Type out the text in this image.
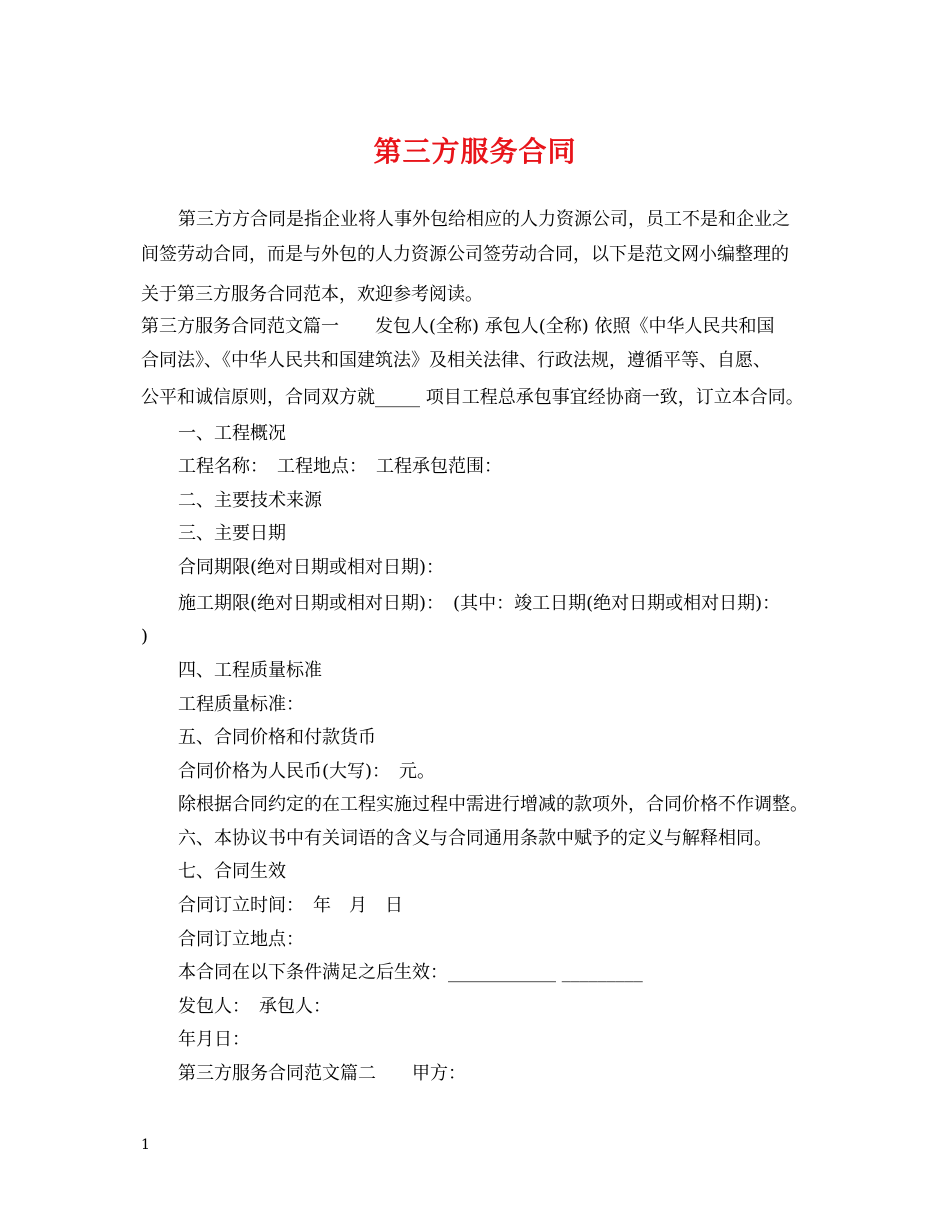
第三方服务合同
第三方方合同是指企业将人事外包给相应的人力资源公司，员工不是和企业之
间签劳动合同，而是与外包的人力资源公司签劳动合同，以下是范文网小编整理的
关于第三方服务合同范本，欢迎参考阅读。
第三方服务合同范文篇一　　发包人(全称) 承包人(全称) 依照《中华人民共和国
合同法》、《中华人民共和国建筑法》及相关法律、行政法规，遵循平等、自愿、
公平和诚信原则，合同双方就_____ 项目工程总承包事宜经协商一致，订立本合同。
一、工程概况
工程名称：　工程地点：　工程承包范围：
二、主要技术来源
三、主要日期
合同期限(绝对日期或相对日期)：
施工期限(绝对日期或相对日期)：　(其中：竣工日期(绝对日期或相对日期)：
)
四、工程质量标准
工程质量标准：
五、合同价格和付款货币
合同价格为人民币(大写)：　元。
除根据合同约定的在工程实施过程中需进行增减的款项外，合同价格不作调整。
六、本协议书中有关词语的含义与合同通用条款中赋予的定义与解释相同。
七、合同生效
合同订立时间：　年　月　日
合同订立地点：
本合同在以下条件满足之后生效：____________ _________
发包人：　承包人：
年月日：
第三方服务合同范文篇二　　甲方：
1
